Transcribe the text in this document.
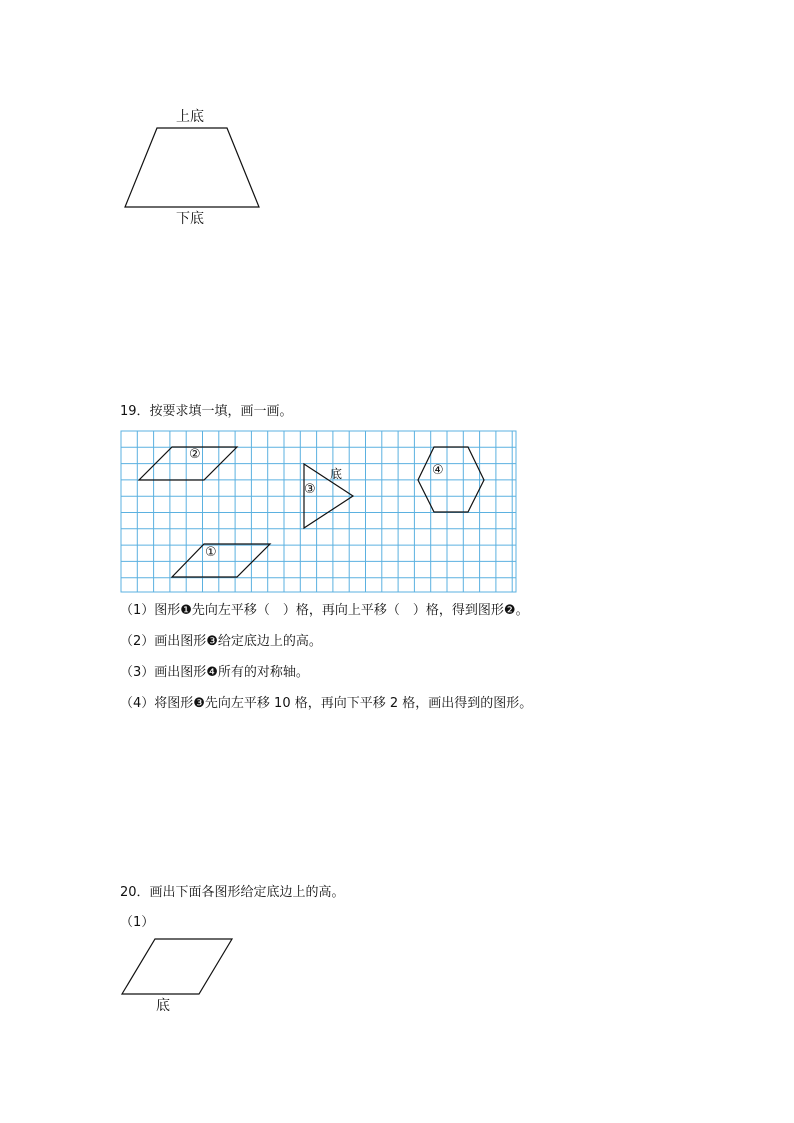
上底
下底
19．按要求填一填，画一画。
②
底
③
④
①
（1）图形❶先向左平移（　）格，再向上平移（　）格，得到图形❷。
（2）画出图形❸给定底边上的高。
（3）画出图形❹所有的对称轴。
（4）将图形❸先向左平移 10 格，再向下平移 2 格，画出得到的图形。
20．画出下面各图形给定底边上的高。
（1）
底
